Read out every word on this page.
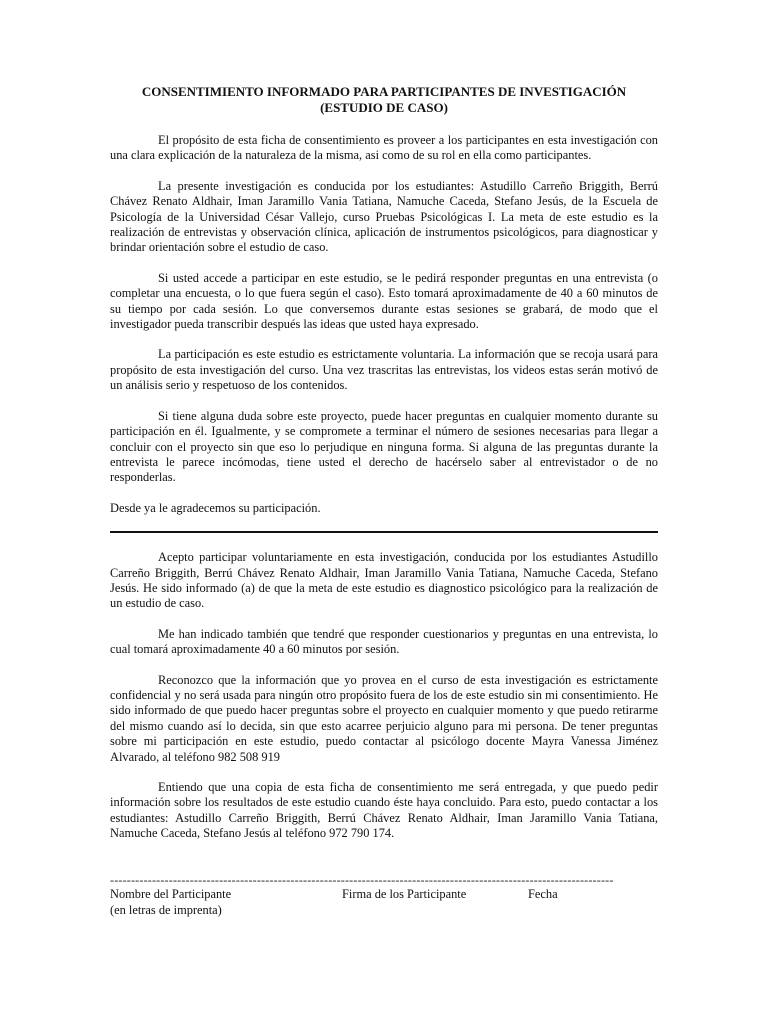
CONSENTIMIENTO INFORMADO PARA PARTICIPANTES DE INVESTIGACIÓN
(ESTUDIO DE CASO)

El propósito de esta ficha de consentimiento es proveer a los participantes en esta investigación con una clara explicación de la naturaleza de la misma, asi como de su rol en ella como participantes.

La presente investigación es conducida por los estudiantes: Astudillo Carreño Briggith, Berrú Chávez Renato Aldhair, Iman Jaramillo Vania Tatiana, Namuche Caceda, Stefano Jesús, de la Escuela de Psicología de la Universidad César Vallejo, curso Pruebas Psicológicas I. La meta de este estudio es la realización de entrevistas y observación clínica, aplicación de instrumentos psicológicos, para diagnosticar y brindar orientación sobre el estudio de caso.

Si usted accede a participar en este estudio, se le pedirá responder preguntas en una entrevista (o completar una encuesta, o lo que fuera según el caso). Esto tomará aproximadamente de 40 a 60 minutos de su tiempo por cada sesión. Lo que conversemos durante estas sesiones se grabará, de modo que el investigador pueda transcribir después las ideas que usted haya expresado.

La participación es este estudio es estrictamente voluntaria. La información que se recoja usará para propósito de esta investigación del curso. Una vez trascritas las entrevistas, los videos estas serán motivó de un análisis serio y respetuoso de los contenidos.

Si tiene alguna duda sobre este proyecto, puede hacer preguntas en cualquier momento durante su participación en él. Igualmente, y se compromete a terminar el número de sesiones necesarias para llegar a concluir con el proyecto sin que eso lo perjudique en ninguna forma. Si alguna de las preguntas durante la entrevista le parece incómodas, tiene usted el derecho de hacérselo saber al entrevistador o de no responderlas.

Desde ya le agradecemos su participación.

Acepto participar voluntariamente en esta investigación, conducida por los estudiantes Astudillo Carreño Briggith, Berrú Chávez Renato Aldhair, Iman Jaramillo Vania Tatiana, Namuche Caceda, Stefano Jesús. He sido informado (a) de que la meta de este estudio es diagnostico psicológico para la realización de un estudio de caso.

Me han indicado también que tendré que responder cuestionarios y preguntas en una entrevista, lo cual tomará aproximadamente 40 a 60 minutos por sesión.

Reconozco que la información que yo provea en el curso de esta investigación es estrictamente confidencial y no será usada para ningún otro propósito fuera de los de este estudio sin mi consentimiento. He sido informado de que puedo hacer preguntas sobre el proyecto en cualquier momento y que puedo retirarme del mismo cuando así lo decida, sin que esto acarree perjuicio alguno para mi persona. De tener preguntas sobre mi participación en este estudio, puedo contactar al psicólogo docente Mayra Vanessa Jiménez Alvarado, al teléfono 982 508 919

Entiendo que una copia de esta ficha de consentimiento me será entregada, y que puedo pedir información sobre los resultados de este estudio cuando éste haya concluido. Para esto, puedo contactar a los estudiantes: Astudillo Carreño Briggith, Berrú Chávez Renato Aldhair, Iman Jaramillo Vania Tatiana, Namuche Caceda, Stefano Jesús al teléfono 972 790 174.

------------------------------------------------------------------------------------------------------------------------
Nombre del Participante	Firma de los Participante	Fecha
(en letras de imprenta)
